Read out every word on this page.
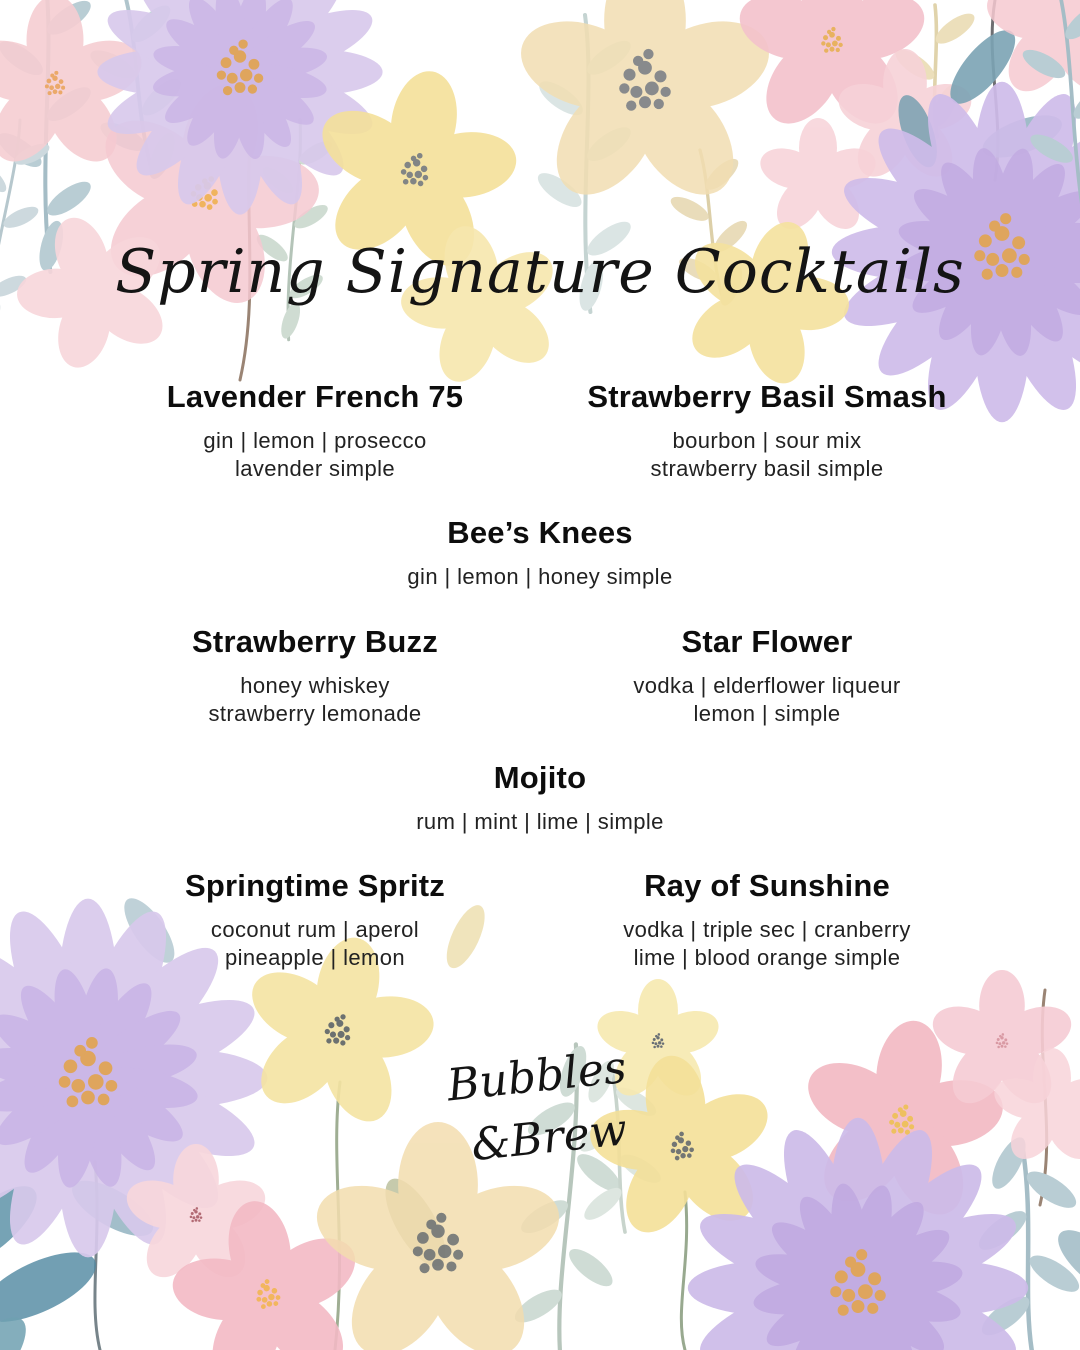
Spring Signature Cocktails
Lavender French 75

gin | lemon | prosecco

lavender simple

Strawberry Basil Smash

bourbon | sour mix

strawberry basil simple

Bee’s Knees

gin | lemon | honey simple

Strawberry Buzz

honey whiskey

strawberry lemonade

Star Flower

vodka | elderflower liqueur

lemon | simple

Mojito

rum | mint | lime | simple

Springtime Spritz

coconut rum | aperol

pineapple | lemon

Ray of Sunshine

vodka | triple sec | cranberry

lime | blood orange simple

Bubbles
&Brew
